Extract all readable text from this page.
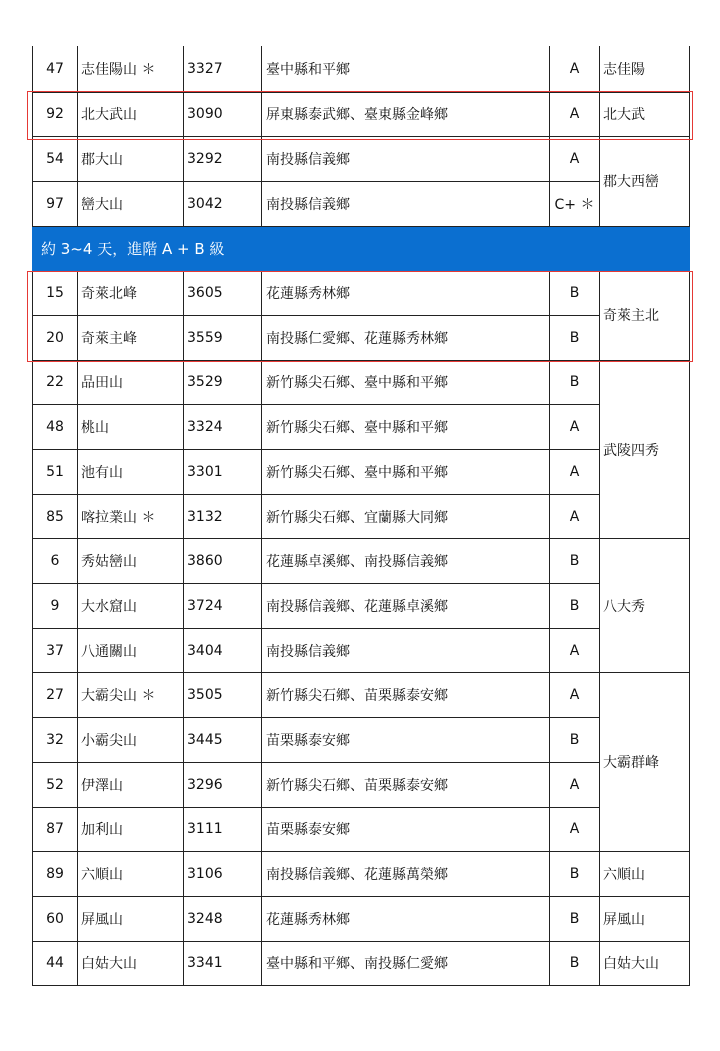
47	志佳陽山 ＊	3327	臺中縣和平鄉	A	志佳陽
92	北大武山	3090	屏東縣泰武鄉、臺東縣金峰鄉	A	北大武
54	郡大山	3292	南投縣信義鄉	A	郡大西巒
97	巒大山	3042	南投縣信義鄉	C+ ＊	
約 3~4 天，進階 A + B 級					
15	奇萊北峰	3605	花蓮縣秀林鄉	B	奇萊主北
20	奇萊主峰	3559	南投縣仁愛鄉、花蓮縣秀林鄉	B	
22	品田山	3529	新竹縣尖石鄉、臺中縣和平鄉	B	武陵四秀
48	桃山	3324	新竹縣尖石鄉、臺中縣和平鄉	A	
51	池有山	3301	新竹縣尖石鄉、臺中縣和平鄉	A	
85	喀拉業山 ＊	3132	新竹縣尖石鄉、宜蘭縣大同鄉	A	
6	秀姑巒山	3860	花蓮縣卓溪鄉、南投縣信義鄉	B	八大秀
9	大水窟山	3724	南投縣信義鄉、花蓮縣卓溪鄉	B	
37	八通關山	3404	南投縣信義鄉	A	
27	大霸尖山 ＊	3505	新竹縣尖石鄉、苗栗縣泰安鄉	A	大霸群峰
32	小霸尖山	3445	苗栗縣泰安鄉	B	
52	伊澤山	3296	新竹縣尖石鄉、苗栗縣泰安鄉	A	
87	加利山	3111	苗栗縣泰安鄉	A	
89	六順山	3106	南投縣信義鄉、花蓮縣萬榮鄉	B	六順山
60	屏風山	3248	花蓮縣秀林鄉	B	屏風山
44	白姑大山	3341	臺中縣和平鄉、南投縣仁愛鄉	B	白姑大山
